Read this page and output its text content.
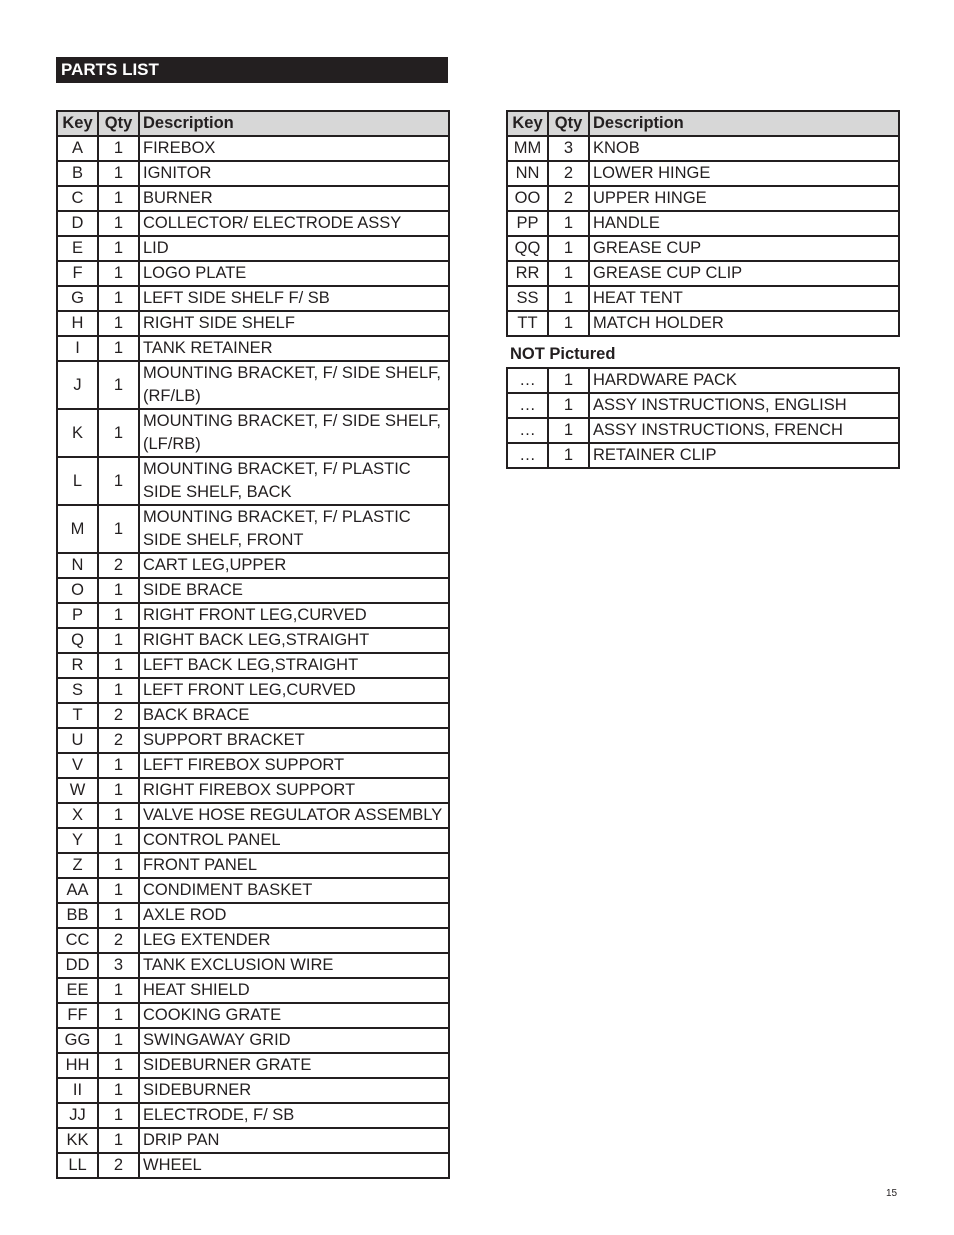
PARTS LIST
Key	Qty	Description
A	1	FIREBOX
B	1	IGNITOR
C	1	BURNER
D	1	COLLECTOR/ ELECTRODE ASSY
E	1	LID
F	1	LOGO PLATE
G	1	LEFT SIDE SHELF F/ SB
H	1	RIGHT SIDE SHELF
I	1	TANK RETAINER
J	1	MOUNTING BRACKET, F/ SIDE SHELF, (RF/LB)
K	1	MOUNTING BRACKET, F/ SIDE SHELF, (LF/RB)
L	1	MOUNTING BRACKET, F/ PLASTIC SIDE SHELF, BACK
M	1	MOUNTING BRACKET, F/ PLASTIC SIDE SHELF, FRONT
N	2	CART LEG,UPPER
O	1	SIDE BRACE
P	1	RIGHT FRONT LEG,CURVED
Q	1	RIGHT BACK LEG,STRAIGHT
R	1	LEFT BACK LEG,STRAIGHT
S	1	LEFT FRONT LEG,CURVED
T	2	BACK BRACE
U	2	SUPPORT BRACKET
V	1	LEFT FIREBOX SUPPORT
W	1	RIGHT FIREBOX SUPPORT
X	1	VALVE HOSE REGULATOR ASSEMBLY
Y	1	CONTROL PANEL
Z	1	FRONT PANEL
AA	1	CONDIMENT BASKET
BB	1	AXLE ROD
CC	2	LEG EXTENDER
DD	3	TANK EXCLUSION WIRE
EE	1	HEAT SHIELD
FF	1	COOKING GRATE
GG	1	SWINGAWAY GRID
HH	1	SIDEBURNER GRATE
II	1	SIDEBURNER
JJ	1	ELECTRODE, F/ SB
KK	1	DRIP PAN
LL	2	WHEEL
Key	Qty	Description
MM	3	KNOB
NN	2	LOWER HINGE
OO	2	UPPER HINGE
PP	1	HANDLE
QQ	1	GREASE CUP
RR	1	GREASE CUP CLIP
SS	1	HEAT TENT
TT	1	MATCH HOLDER
NOT Pictured
…	1	HARDWARE PACK
…	1	ASSY INSTRUCTIONS, ENGLISH
…	1	ASSY INSTRUCTIONS, FRENCH
…	1	RETAINER CLIP
15
